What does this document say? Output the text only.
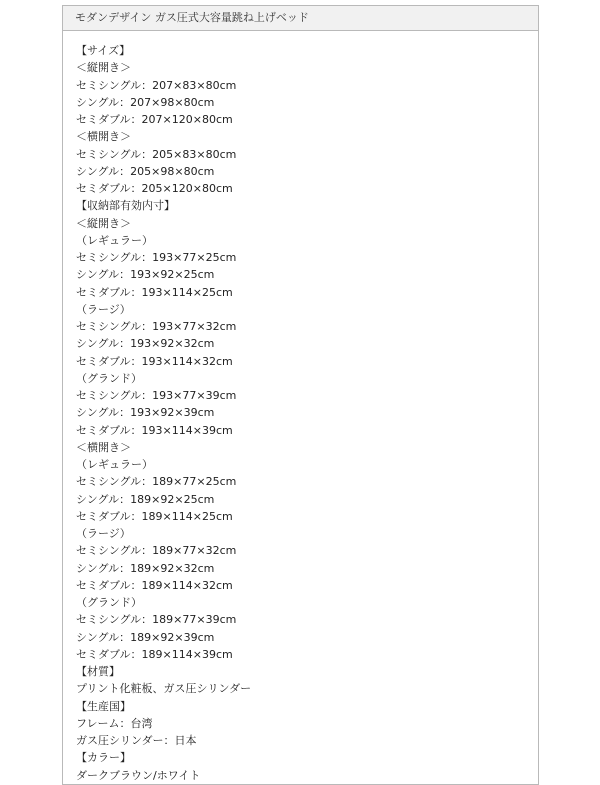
モダンデザイン ガス圧式大容量跳ね上げベッド
【サイズ】
＜縦開き＞
セミシングル：207×83×80cm
シングル：207×98×80cm
セミダブル：207×120×80cm
＜横開き＞
セミシングル：205×83×80cm
シングル：205×98×80cm
セミダブル：205×120×80cm
【収納部有効内寸】
＜縦開き＞
（レギュラー）
セミシングル：193×77×25cm
シングル：193×92×25cm
セミダブル：193×114×25cm
（ラージ）
セミシングル：193×77×32cm
シングル：193×92×32cm
セミダブル：193×114×32cm
（グランド）
セミシングル：193×77×39cm
シングル：193×92×39cm
セミダブル：193×114×39cm
＜横開き＞
（レギュラー）
セミシングル：189×77×25cm
シングル：189×92×25cm
セミダブル：189×114×25cm
（ラージ）
セミシングル：189×77×32cm
シングル：189×92×32cm
セミダブル：189×114×32cm
（グランド）
セミシングル：189×77×39cm
シングル：189×92×39cm
セミダブル：189×114×39cm
【材質】
プリント化粧板、ガス圧シリンダー
【生産国】
フレーム：台湾
ガス圧シリンダー：日本
【カラー】
ダークブラウン/ホワイト
